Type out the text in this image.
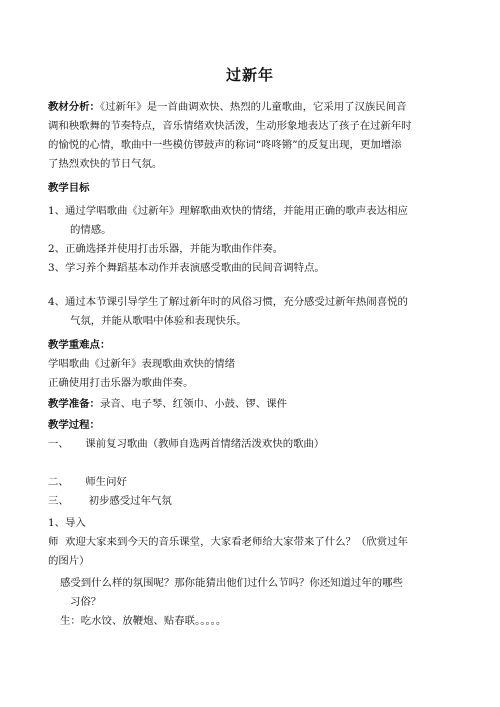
过新年
教材分析：《过新年》是一首曲调欢快、热烈的儿童歌曲，它采用了汉族民间音
调和秧歌舞的节奏特点，音乐情绪欢快活泼，生动形象地表达了孩子在过新年时
的愉悦的心情，歌曲中一些模仿锣鼓声的称词“咚咚锵”的反复出现，更加增添
了热烈欢快的节日气氛。
教学目标
1、通过学唱歌曲《过新年》理解歌曲欢快的情绪，并能用正确的歌声表达相应
的情感。
2、正确选择并使用打击乐器，并能为歌曲作伴奏。
3、学习养个舞蹈基本动作并表演感受歌曲的民间音调特点。
4、通过本节课引导学生了解过新年时的风俗习惯，充分感受过新年热闹喜悦的
气氛，并能从歌唱中体验和表现快乐。
教学重难点：
学唱歌曲《过新年》表现歌曲欢快的情绪
正确使用打击乐器为歌曲伴奏。
教学准备：录音、电子琴、红领巾、小鼓、锣、课件
教学过程：
一、     课前复习歌曲（教师自选两首情绪活泼欢快的歌曲）
二、     师生问好
三、      初步感受过年气氛
1、导入
师  欢迎大家来到今天的音乐课堂，大家看老师给大家带来了什么？（欣赏过年
的图片）
感受到什么样的氛围呢？那你能猜出他们过什么节吗？你还知道过年的哪些
习俗？
生：吃水饺、放鞭炮、贴春联。。。。。
